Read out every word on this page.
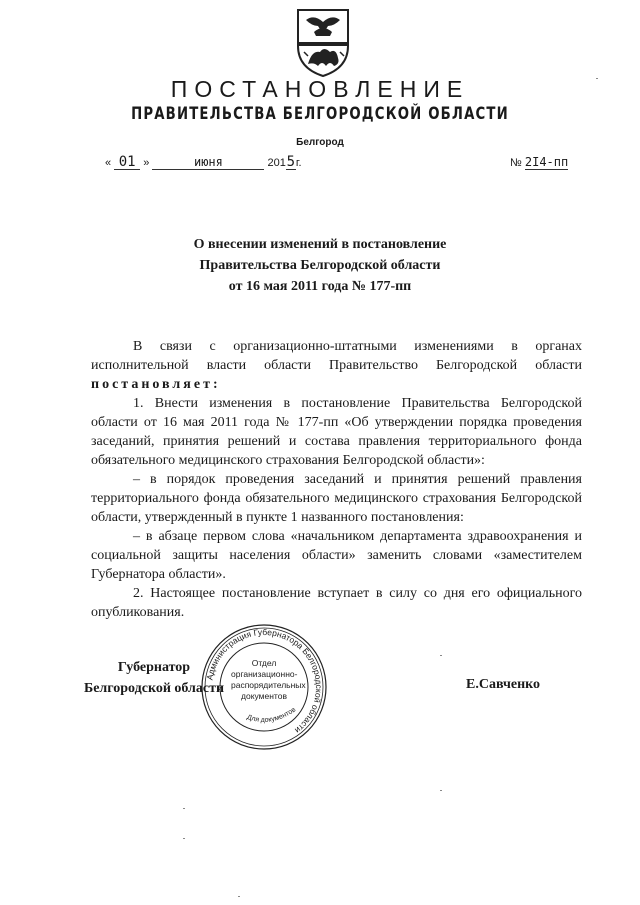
ПОСТАНОВЛЕНИЕ
ПРАВИТЕЛЬСТВА БЕЛГОРОДСКОЙ ОБЛАСТИ
Белгород
« 01 »	июня	2015г.	№ 2I4-пп
О внесении изменений в постановление
Правительства Белгородской области
от 16 мая 2011 года № 177-пп

В связи с организационно-штатными изменениями в органах исполнительной власти области Правительство Белгородской области постановляет:

1. Внести изменения в постановление Правительства Белгородской области от 16 мая 2011 года № 177-пп «Об утверждении порядка проведения заседаний, принятия решений и состава правления территориального фонда обязательного медицинского страхования Белгородской области»:

– в порядок проведения заседаний и принятия решений правления территориального фонда обязательного медицинского страхования Белгородской области, утвержденный в пункте 1 названного постановления:

– в абзаце первом слова «начальником департамента здравоохранения и социальной защиты населения области» заменить словами «заместителем Губернатора области».

2. Настоящее постановление вступает в силу со дня его официального опубликования.

Губернатор
Белгородской области
Администрация Губернатора Белгородской области
Для документов
Отдел
организационно-
распорядительных
документов
Е.Савченко
